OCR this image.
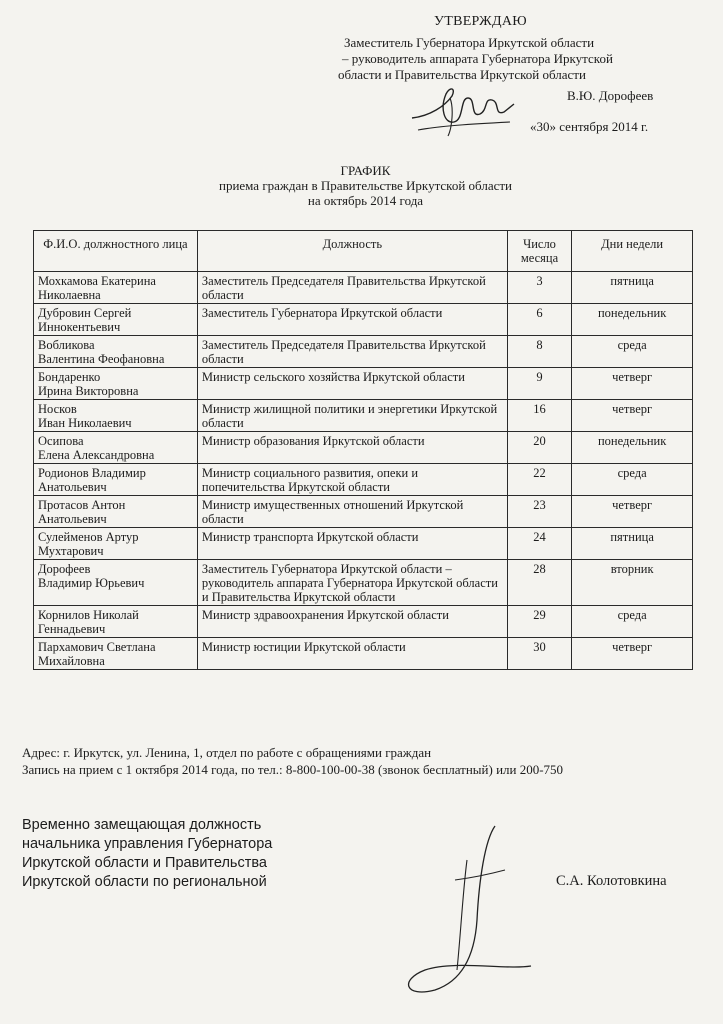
УТВЕРЖДАЮ
Заместитель Губернатора Иркутской области
– руководитель аппарата Губернатора Иркутской
области и Правительства Иркутской области
В.Ю. Дорофеев
«30» сентября 2014 г.
ГРАФИК
приема граждан в Правительстве Иркутской области
на октябрь 2014 года
Ф.И.О. должностного лица	Должность	Число месяца	Дни недели

Мохкамова Екатерина
Николаевна	Заместитель Председателя Правительства Иркутской области	3	пятница

Дубровин Сергей
Иннокентьевич	Заместитель Губернатора Иркутской области	6	понедельник

Вобликова
Валентина Феофановна	Заместитель Председателя Правительства Иркутской области	8	среда

Бондаренко
Ирина Викторовна	Министр сельского хозяйства Иркутской области	9	четверг

Носков
Иван Николаевич	Министр жилищной политики и энергетики Иркутской области	16	четверг

Осипова
Елена Александровна	Министр образования Иркутской области	20	понедельник

Родионов Владимир
Анатольевич	Министр социального развития, опеки и попечительства Иркутской области	22	среда

Протасов Антон
Анатольевич	Министр имущественных отношений Иркутской области	23	четверг

Сулейменов Артур
Мухтарович	Министр транспорта Иркутской области	24	пятница

Дорофеев
Владимир Юрьевич	Заместитель Губернатора Иркутской области – руководитель аппарата Губернатора Иркутской области и Правительства Иркутской области	28	вторник

Корнилов Николай
Геннадьевич	Министр здравоохранения Иркутской области	29	среда

Пархамович Светлана
Михайловна	Министр юстиции Иркутской области	30	четверг
Адрес: г. Иркутск, ул. Ленина, 1, отдел по работе с обращениями граждан
Запись на прием с 1 октября 2014 года, по тел.: 8-800-100-00-38 (звонок бесплатный) или 200-750
Временно замещающая должность
начальника управления Губернатора
Иркутской области и Правительства
Иркутской области по региональной	С.А. Колотовкина
